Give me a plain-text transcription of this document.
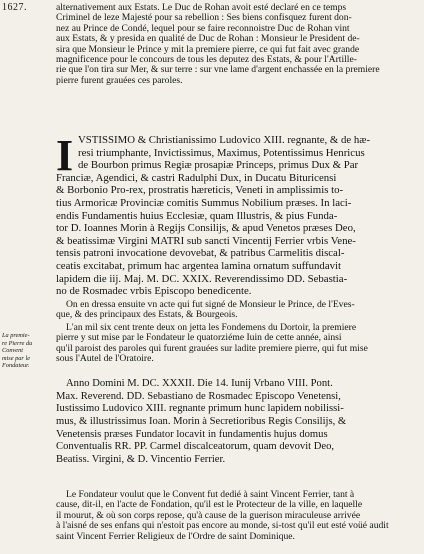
1627.	alternativement aux Estats. Le Duc de Rohan avoit esté declaré en ce temps
Criminel de leze Majesté pour sa rebellion : Ses biens confisquez furent don-
nez au Prince de Condé, lequel pour se faire reconnoistre Duc de Rohan vint
aux Estats, & y presida en qualité de Duc de Rohan : Monsieur le President de-
sira que Monsieur le Prince y mit la premiere pierre, ce qui fut fait avec grande
magnificence pour le concours de tous les deputez des Estats, & pour l'Artille-
rie que l'on tira sur Mer, & sur terre : sur vne lame d'argent enchassée en la premiere
pierre furent grauées ces paroles.
I VSTISSIMO & Christianissimo Ludovico XIII. regnante, & de hæ-
resi triumphante, Invictissimus, Maximus, Potentissimus Henricus
de Bourbon primus Regiæ prosapiæ Princeps, primus Dux & Par
Franciæ, Agendici, & castri Radulphi Dux, in Ducatu Bituricensi
& Borbonio Pro-rex, prostratis hæreticis, Veneti in amplissimis to-
tius Armoricæ Provinciæ comitis Summus Nobilium præses. In laci-
endis Fundamentis huius Ecclesiæ, quam Illustris, & pius Funda-
tor D. Ioannes Morin à Regijs Consilijs, & apud Venetos præses Deo,
& beatissimæ Virgini MATRI sub sancti Vincentij Ferrier vrbis Vene-
tensis patroni invocatione devovebat, & patribus Carmelitis discal-
ceatis excitabat, primum hac argentea lamina ornatum suffundavit
lapidem die iij. Maj. M. DC. XXIX. Reverendissimo DD. Sebastia-
no de Rosmadec vrbis Episcopo benedicente.
On en dressa ensuite vn acte qui fut signé de Monsieur le Prince, de l'Eves-
que, & des principaux des Estats, & Bourgeois.
L'an mil six cent trente deux on jetta les Fondemens du Dortoir, la premiere
pierre y sut mise par le Fondateur le quatorziéme Iuin de cette année, ainsi
qu'il paroist des paroles qui furent grauées sur ladite premiere pierre, qui fut mise
sous l'Autel de l'Oratoire.
La premie-
re Pierre du
Convent
mise par le
Fondateur.
Anno Domini M. DC. XXXII. Die 14. Iunij Vrbano VIII. Pont.
Max. Reverend. DD. Sebastiano de Rosmadec Episcopo Venetensi,
Iustissimo Ludovico XIII. regnante primum hunc lapidem nobilissi-
mus, & illustrissimus Ioan. Morin à Secretioribus Regis Consilijs, &
Venetensis præses Fundator locavit in fundamentis hujus domus
Conventualis RR. PP. Carmel discalceatorum, quam devovit Deo,
Beatiss. Virgini, & D. Vincentio Ferrier.
Le Fondateur voulut que le Convent fut dedié à saint Vincent Ferrier, tant à
cause, dit-il, en l'acte de Fondation, qu'il est le Protecteur de la ville, en laquelle
il mourut, & où son corps repose, qu'à cause de la guerison miraculeuse arrivée
à l'aisné de ses enfans qui n'estoit pas encore au monde, si-tost qu'il eut esté voüé audit
saint Vincent Ferrier Religieux de l'Ordre de saint Dominique.
